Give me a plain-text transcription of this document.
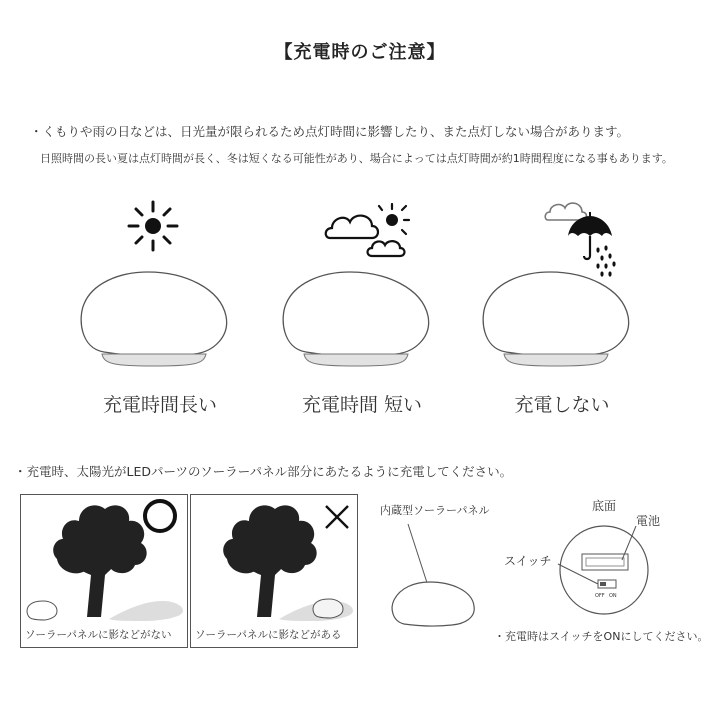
【充電時のご注意】
・くもりや雨の日などは、日光量が限られるため点灯時間に影響したり、また点灯しない場合があります。
日照時間の長い夏は点灯時間が長く、冬は短くなる可能性があり、場合によっては点灯時間が約1時間程度になる事もあります。
充電時間長い	充電時間 短い	充電しない
・充電時、太陽光がLEDパーツのソーラーパネル部分にあたるように充電してください。
ソーラーパネルに影などがない ソーラーパネルに影などがある
内蔵型ソーラーパネル	底面
電池
スイッチ
OFF ON
・充電時はスイッチをONにしてください。
